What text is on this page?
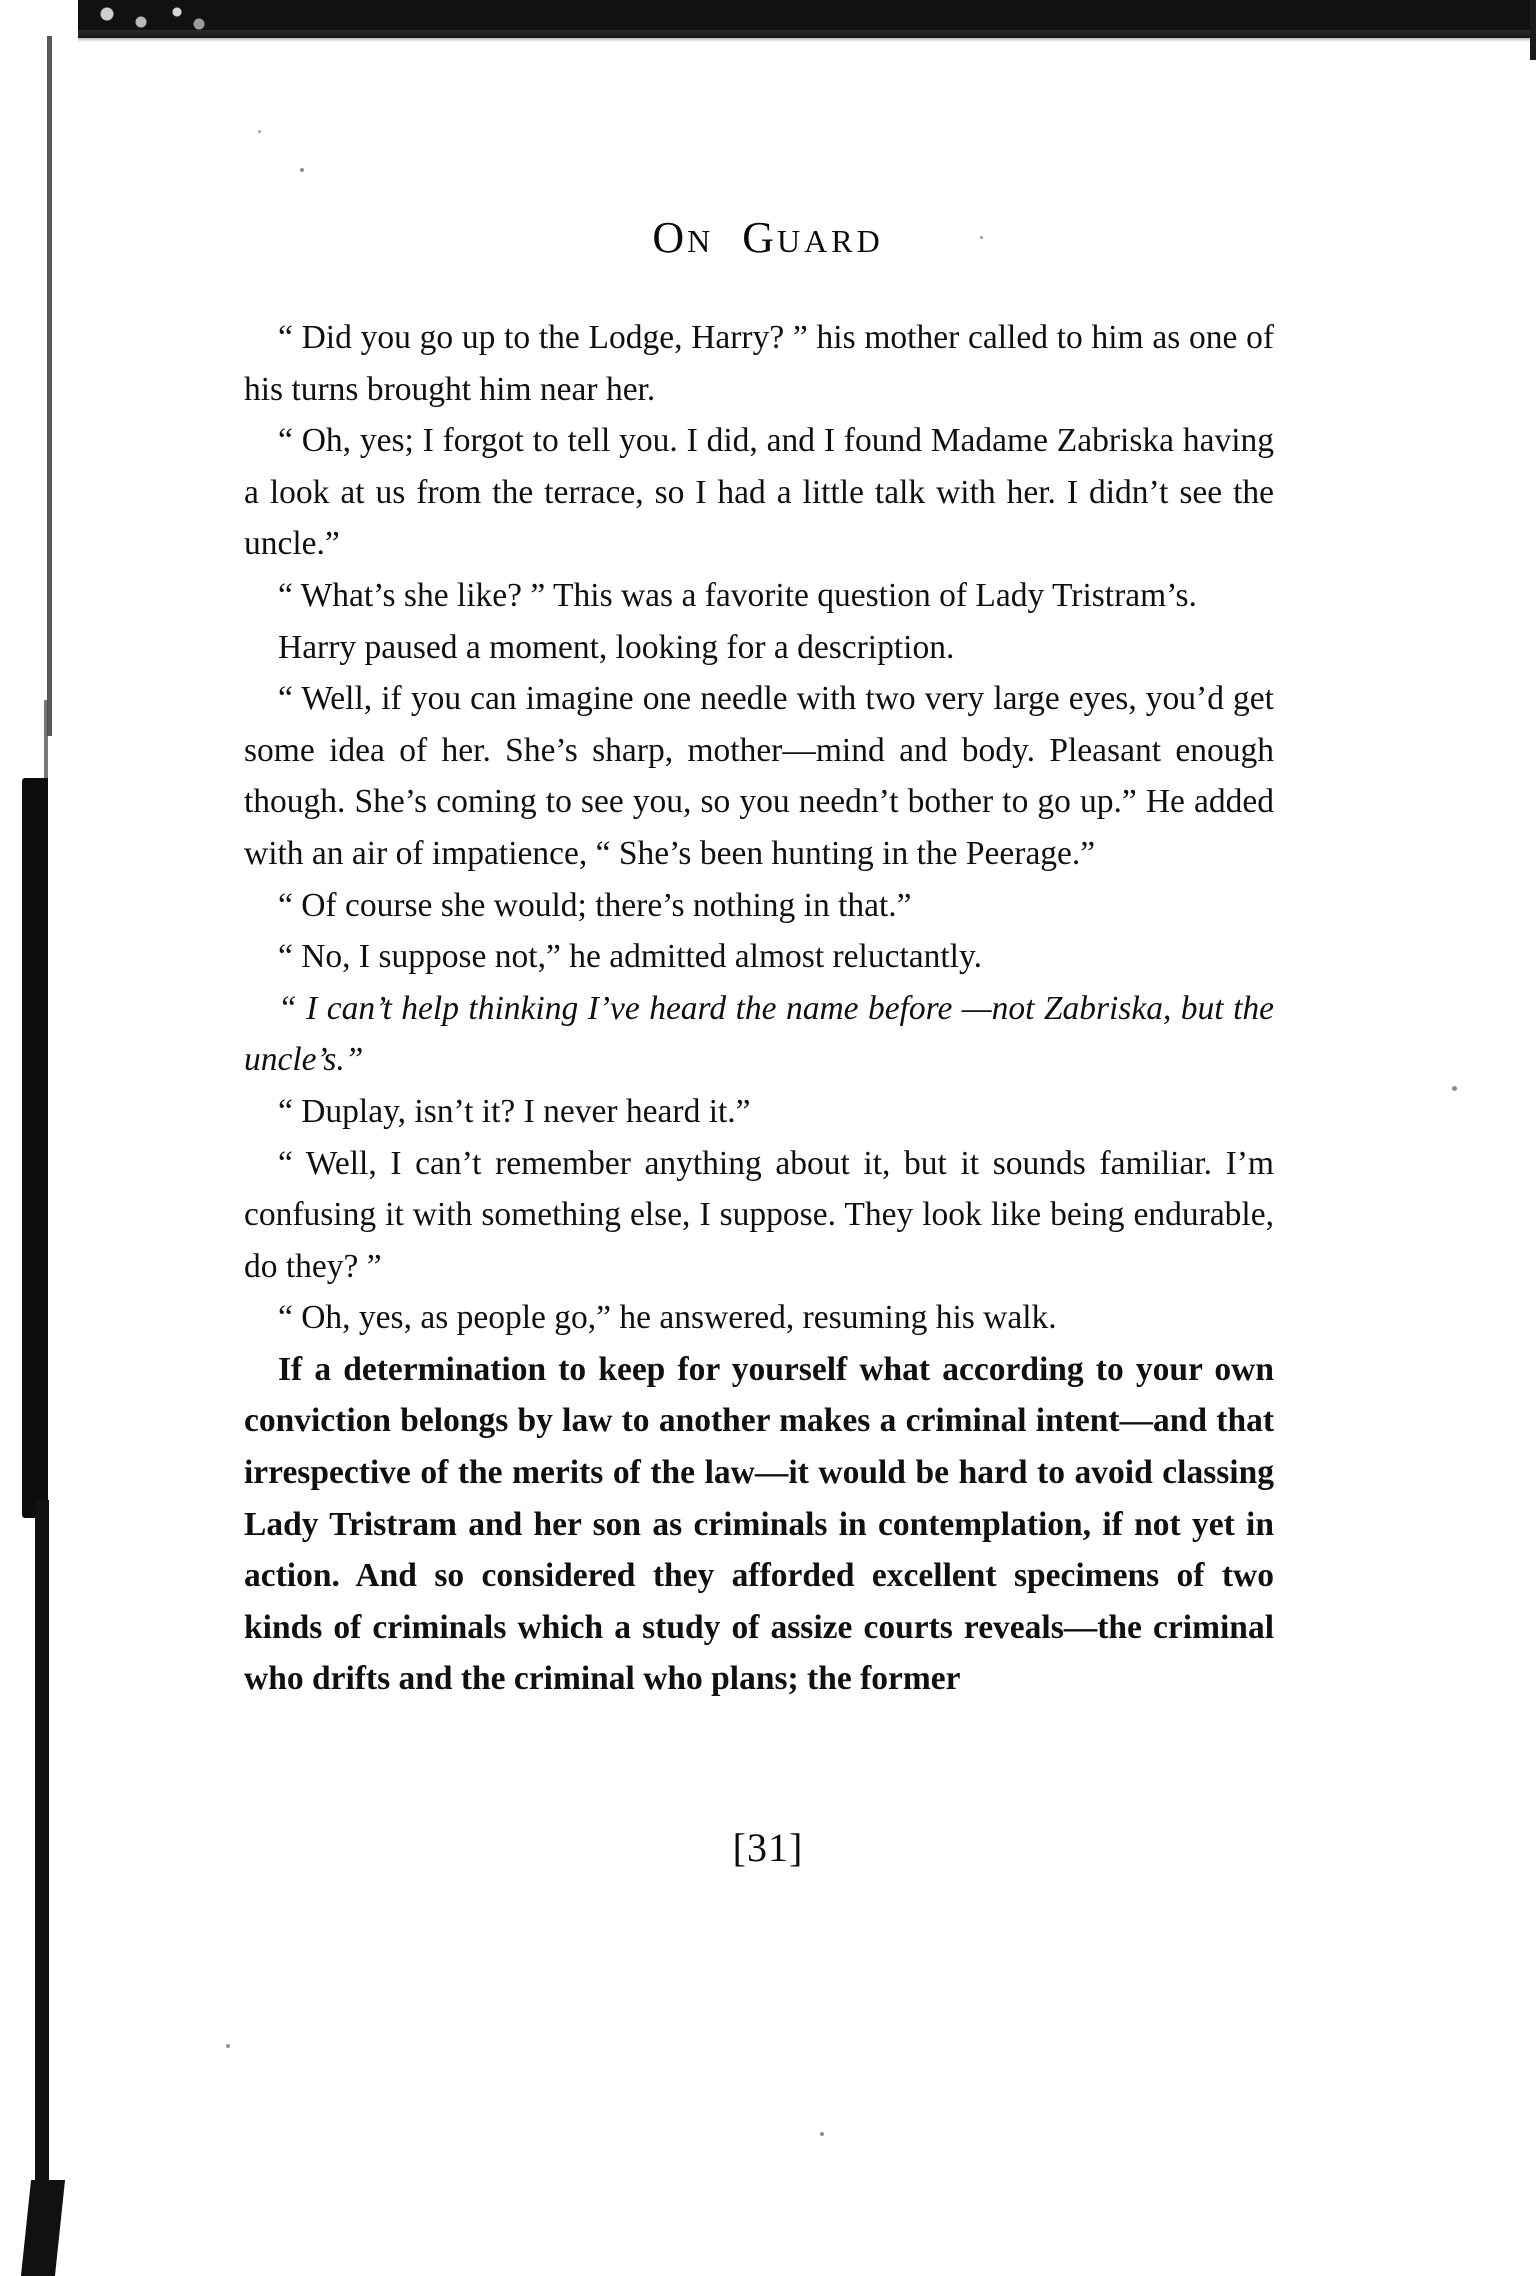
ON GUARD

“ Did you go up to the Lodge, Harry? ” his mother called to him as one of his turns brought him near her.

“ Oh, yes; I forgot to tell you. I did, and I found Madame Zabriska having a look at us from the terrace, so I had a little talk with her. I didn’t see the uncle.”

“ What’s she like? ” This was a favorite question of Lady Tristram’s.

Harry paused a moment, looking for a description.

“ Well, if you can imagine one needle with two very large eyes, you’d get some idea of her. She’s sharp, mother—mind and body. Pleasant enough though. She’s coming to see you, so you needn’t bother to go up.” He added with an air of impatience, “ She’s been hunting in the Peerage.”

“ Of course she would; there’s nothing in that.”

“ No, I suppose not,” he admitted almost reluctantly.

“ I can’t help thinking I’ve heard the name before —not Zabriska, but the uncle’s.”

“ Duplay, isn’t it? I never heard it.”

“ Well, I can’t remember anything about it, but it sounds familiar. I’m confusing it with something else, I suppose. They look like being endurable, do they? ”

“ Oh, yes, as people go,” he answered, resuming his walk.

If a determination to keep for yourself what according to your own conviction belongs by law to another makes a criminal intent—and that irrespective of the merits of the law—it would be hard to avoid classing Lady Tristram and her son as criminals in contemplation, if not yet in action. And so considered they afforded excellent specimens of two kinds of criminals which a study of assize courts reveals—the criminal who drifts and the criminal who plans; the former

[31]
